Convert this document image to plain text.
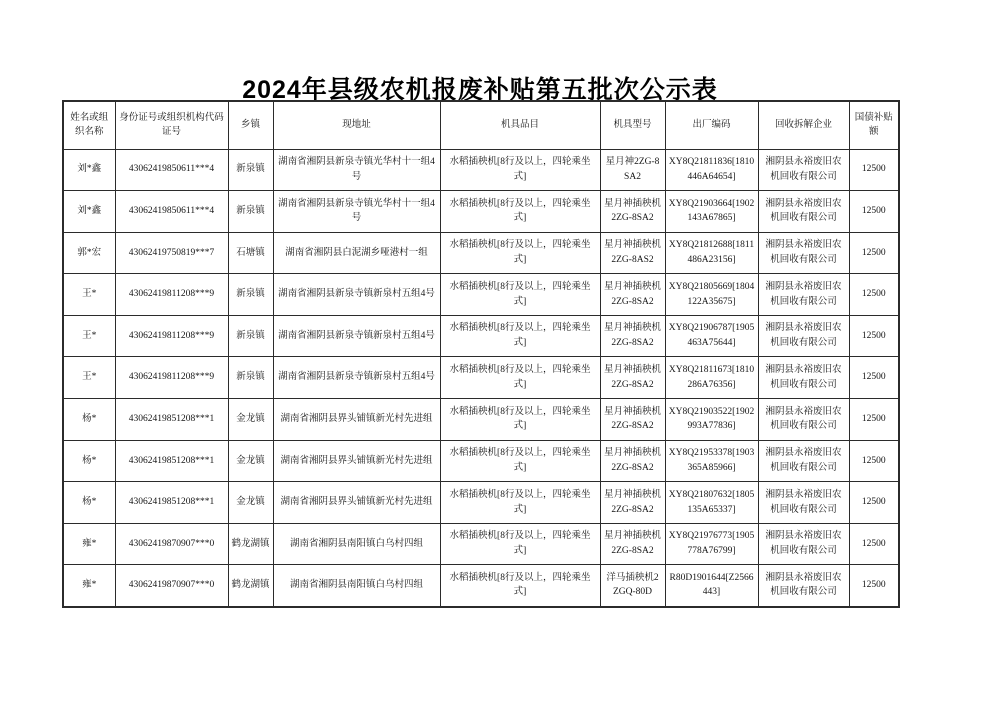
2024年县级农机报废补贴第五批次公示表
姓名或组织名称	身份证号或组织机构代码证号	乡镇	现地址	机具品目	机具型号	出厂编码	回收拆解企业	国债补贴额
刘*鑫	43062419850611***4	新泉镇	湖南省湘阴县新泉寺镇光华村十一组4号	水稻插秧机[8行及以上，四轮乘坐式]	星月神2ZG-8SA2	XY8Q21811836[1810446A64654]	湘阴县永裕废旧农机回收有限公司	12500
刘*鑫	43062419850611***4	新泉镇	湖南省湘阴县新泉寺镇光华村十一组4号	水稻插秧机[8行及以上，四轮乘坐式]	星月神插秧机2ZG-8SA2	XY8Q21903664[1902143A67865]	湘阴县永裕废旧农机回收有限公司	12500
郭*宏	43062419750819***7	石塘镇	湖南省湘阴县白泥湖乡哑港村一组	水稻插秧机[8行及以上，四轮乘坐式]	星月神插秧机2ZG-8AS2	XY8Q21812688[1811486A23156]	湘阴县永裕废旧农机回收有限公司	12500
王*	43062419811208***9	新泉镇	湖南省湘阴县新泉寺镇新泉村五组4号	水稻插秧机[8行及以上，四轮乘坐式]	星月神插秧机2ZG-8SA2	XY8Q21805669[1804122A35675]	湘阴县永裕废旧农机回收有限公司	12500
王*	43062419811208***9	新泉镇	湖南省湘阴县新泉寺镇新泉村五组4号	水稻插秧机[8行及以上，四轮乘坐式]	星月神插秧机2ZG-8SA2	XY8Q21906787[1905463A75644]	湘阴县永裕废旧农机回收有限公司	12500
王*	43062419811208***9	新泉镇	湖南省湘阴县新泉寺镇新泉村五组4号	水稻插秧机[8行及以上，四轮乘坐式]	星月神插秧机2ZG-8SA2	XY8Q21811673[1810286A76356]	湘阴县永裕废旧农机回收有限公司	12500
杨*	43062419851208***1	金龙镇	湖南省湘阴县界头铺镇新光村先进组	水稻插秧机[8行及以上，四轮乘坐式]	星月神插秧机2ZG-8SA2	XY8Q21903522[1902993A77836]	湘阴县永裕废旧农机回收有限公司	12500
杨*	43062419851208***1	金龙镇	湖南省湘阴县界头铺镇新光村先进组	水稻插秧机[8行及以上，四轮乘坐式]	星月神插秧机2ZG-8SA2	XY8Q21953378[1903365A85966]	湘阴县永裕废旧农机回收有限公司	12500
杨*	43062419851208***1	金龙镇	湖南省湘阴县界头铺镇新光村先进组	水稻插秧机[8行及以上，四轮乘坐式]	星月神插秧机2ZG-8SA2	XY8Q21807632[1805135A65337]	湘阴县永裕废旧农机回收有限公司	12500
雍*	43062419870907***0	鹤龙湖镇	湖南省湘阴县南阳镇白乌村四组	水稻插秧机[8行及以上，四轮乘坐式]	星月神插秧机2ZG-8SA2	XY8Q21976773[1905778A76799]	湘阴县永裕废旧农机回收有限公司	12500
雍*	43062419870907***0	鹤龙湖镇	湖南省湘阴县南阳镇白乌村四组	水稻插秧机[8行及以上，四轮乘坐式]	洋马插秧机2ZGQ-80D	R80D1901644[Z2566443]	湘阴县永裕废旧农机回收有限公司	12500
